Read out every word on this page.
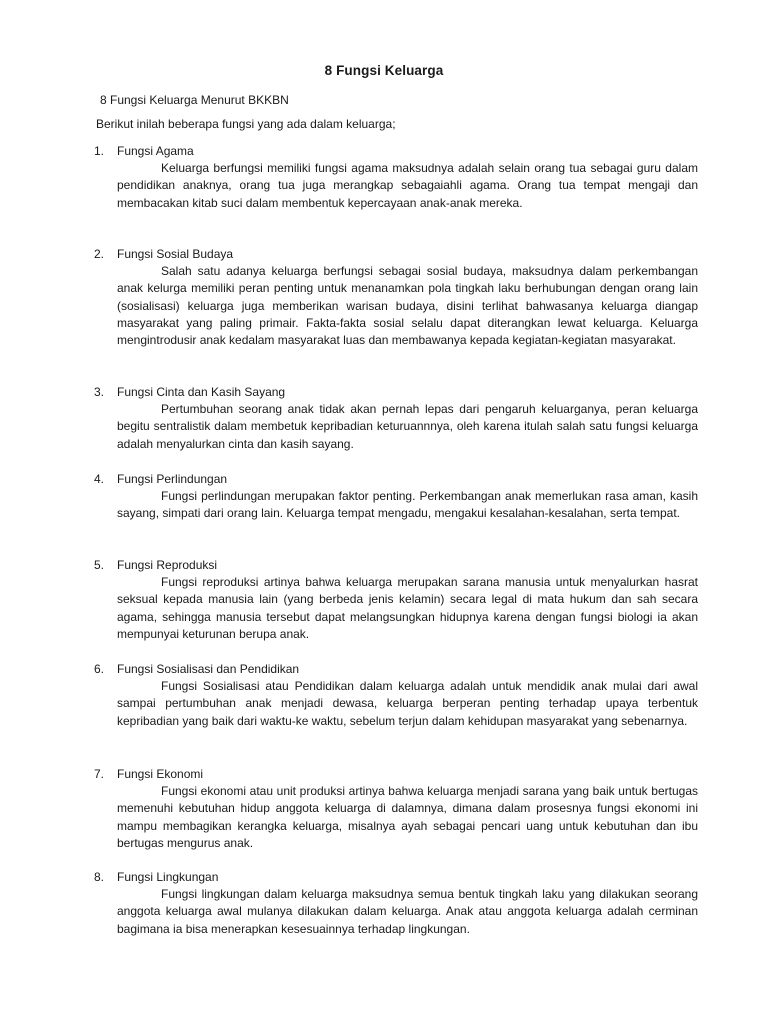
8 Fungsi Keluarga
8 Fungsi Keluarga Menurut BKKBN
Berikut inilah beberapa fungsi yang ada dalam keluarga;
1.	Fungsi Agama
Keluarga berfungsi memiliki fungsi agama maksudnya adalah selain orang tua sebagai guru dalam pendidikan anaknya, orang tua juga merangkap sebagaiahli agama. Orang tua tempat mengaji dan membacakan kitab suci dalam membentuk kepercayaan anak-anak mereka.
2.	Fungsi Sosial Budaya
Salah satu adanya keluarga berfungsi sebagai sosial budaya, maksudnya dalam perkembangan anak kelurga memiliki peran penting untuk menanamkan pola tingkah laku berhubungan dengan orang lain (sosialisasi) keluarga juga memberikan warisan budaya, disini terlihat bahwasanya keluarga diangap masyarakat yang paling primair. Fakta-fakta sosial selalu dapat diterangkan lewat keluarga. Keluarga mengintrodusir anak kedalam masyarakat luas dan membawanya kepada kegiatan-kegiatan masyarakat.
3.	Fungsi Cinta dan Kasih Sayang
Pertumbuhan seorang anak tidak akan pernah lepas dari pengaruh keluarganya, peran keluarga begitu sentralistik dalam membetuk kepribadian keturuannnya, oleh karena itulah salah satu fungsi keluarga adalah menyalurkan cinta dan kasih sayang.
4.	Fungsi Perlindungan
Fungsi perlindungan merupakan faktor penting. Perkembangan anak memerlukan rasa aman, kasih sayang, simpati dari orang lain. Keluarga tempat mengadu, mengakui kesalahan-kesalahan, serta tempat.
5.	Fungsi Reproduksi
Fungsi reproduksi artinya bahwa keluarga merupakan sarana manusia untuk menyalurkan hasrat seksual kepada manusia lain (yang berbeda jenis kelamin) secara legal di mata hukum dan sah secara agama, sehingga manusia tersebut dapat melangsungkan hidupnya karena dengan fungsi biologi ia akan mempunyai keturunan berupa anak.
6.	Fungsi Sosialisasi dan Pendidikan
Fungsi Sosialisasi atau Pendidikan dalam keluarga adalah untuk mendidik anak mulai dari awal sampai pertumbuhan anak menjadi dewasa, keluarga berperan penting terhadap upaya terbentuk kepribadian yang baik dari waktu-ke waktu, sebelum terjun dalam kehidupan masyarakat yang sebenarnya.
7.	Fungsi Ekonomi
Fungsi ekonomi atau unit produksi artinya bahwa keluarga menjadi sarana yang baik untuk bertugas memenuhi kebutuhan hidup anggota keluarga di dalamnya, dimana dalam prosesnya fungsi ekonomi ini mampu membagikan kerangka keluarga, misalnya ayah sebagai pencari uang untuk kebutuhan dan ibu bertugas mengurus anak.
8.	Fungsi Lingkungan
Fungsi lingkungan dalam keluarga maksudnya semua bentuk tingkah laku yang dilakukan seorang anggota keluarga awal mulanya dilakukan dalam keluarga. Anak atau anggota keluarga adalah cerminan bagimana ia bisa menerapkan kesesuainnya terhadap lingkungan.
